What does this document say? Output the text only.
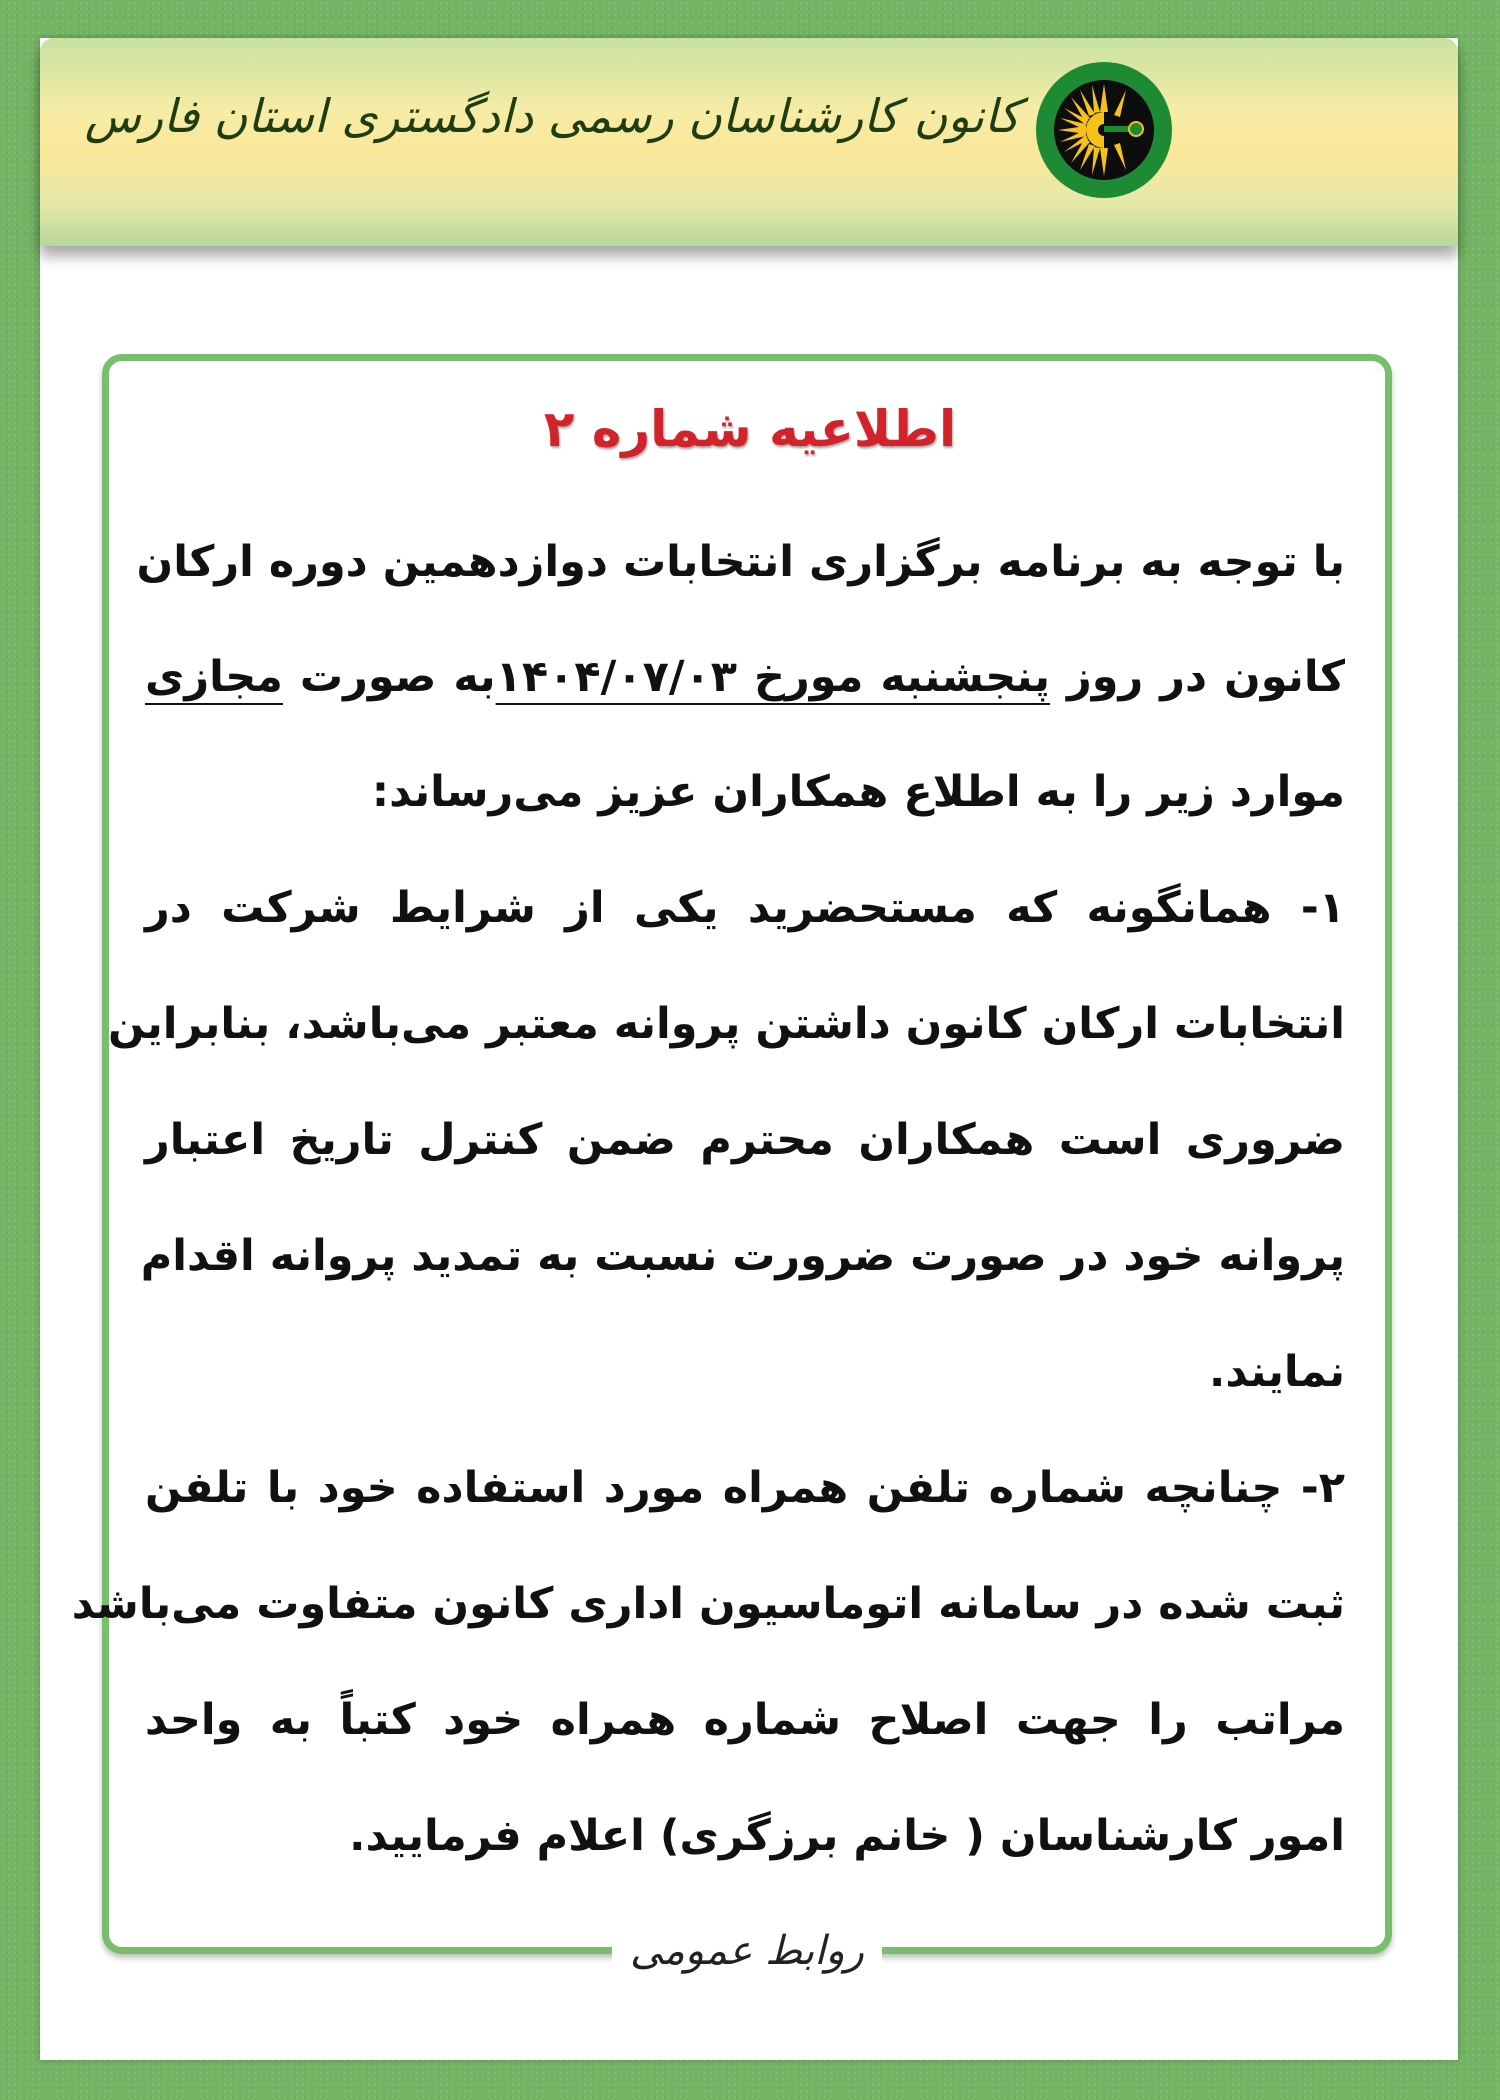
کانون کارشناسان رسمی دادگستری استان فارس
اطلاعیه شماره ۲
با توجه به برنامه برگزاری انتخابات دوازدهمین دوره ارکان
کانون در روز پنجشنبه مورخ ۱۴۰۴/۰۷/۰۳به صورت مجازی
موارد زیر را به اطلاع همکاران عزیز می‌رساند:
۱- همانگونه که مستحضرید یکی از شرایط شرکت در
انتخابات ارکان کانون داشتن پروانه معتبر می‌باشد، بنابراین
ضروری است همکاران محترم ضمن کنترل تاریخ اعتبار
پروانه خود در صورت ضرورت نسبت به تمدید پروانه اقدام
نمایند.
۲- چنانچه شماره تلفن همراه مورد استفاده خود با تلفن
ثبت شده در سامانه اتوماسیون اداری کانون متفاوت می‌باشد
مراتب را جهت اصلاح شماره همراه خود کتباً به واحد
امور کارشناسان ( خانم برزگری) اعلام فرمایید.
روابط عمومی
